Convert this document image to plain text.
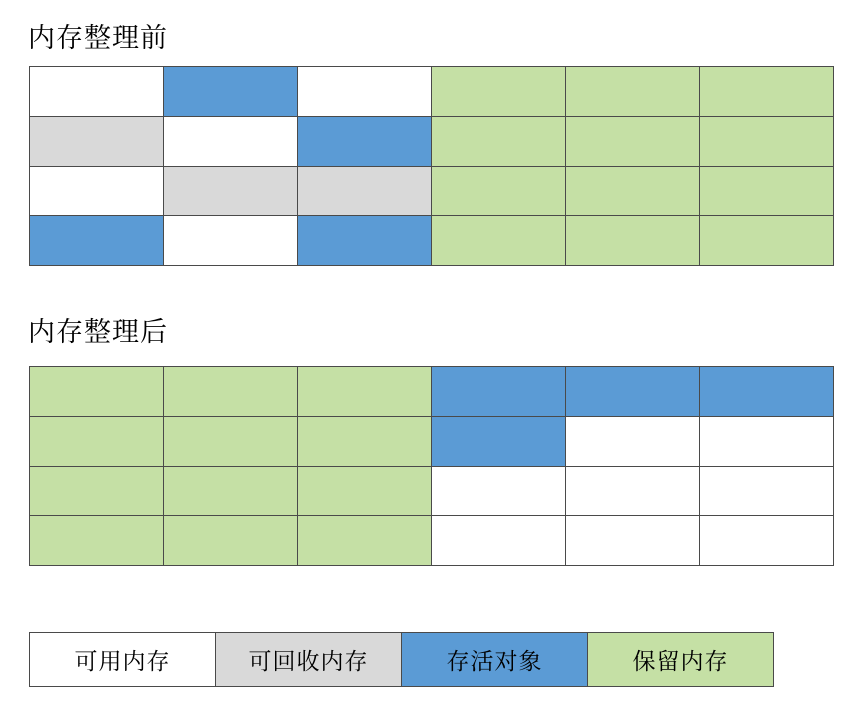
内存整理前
内存整理后
可用内存	可回收内存	存活对象	保留内存
